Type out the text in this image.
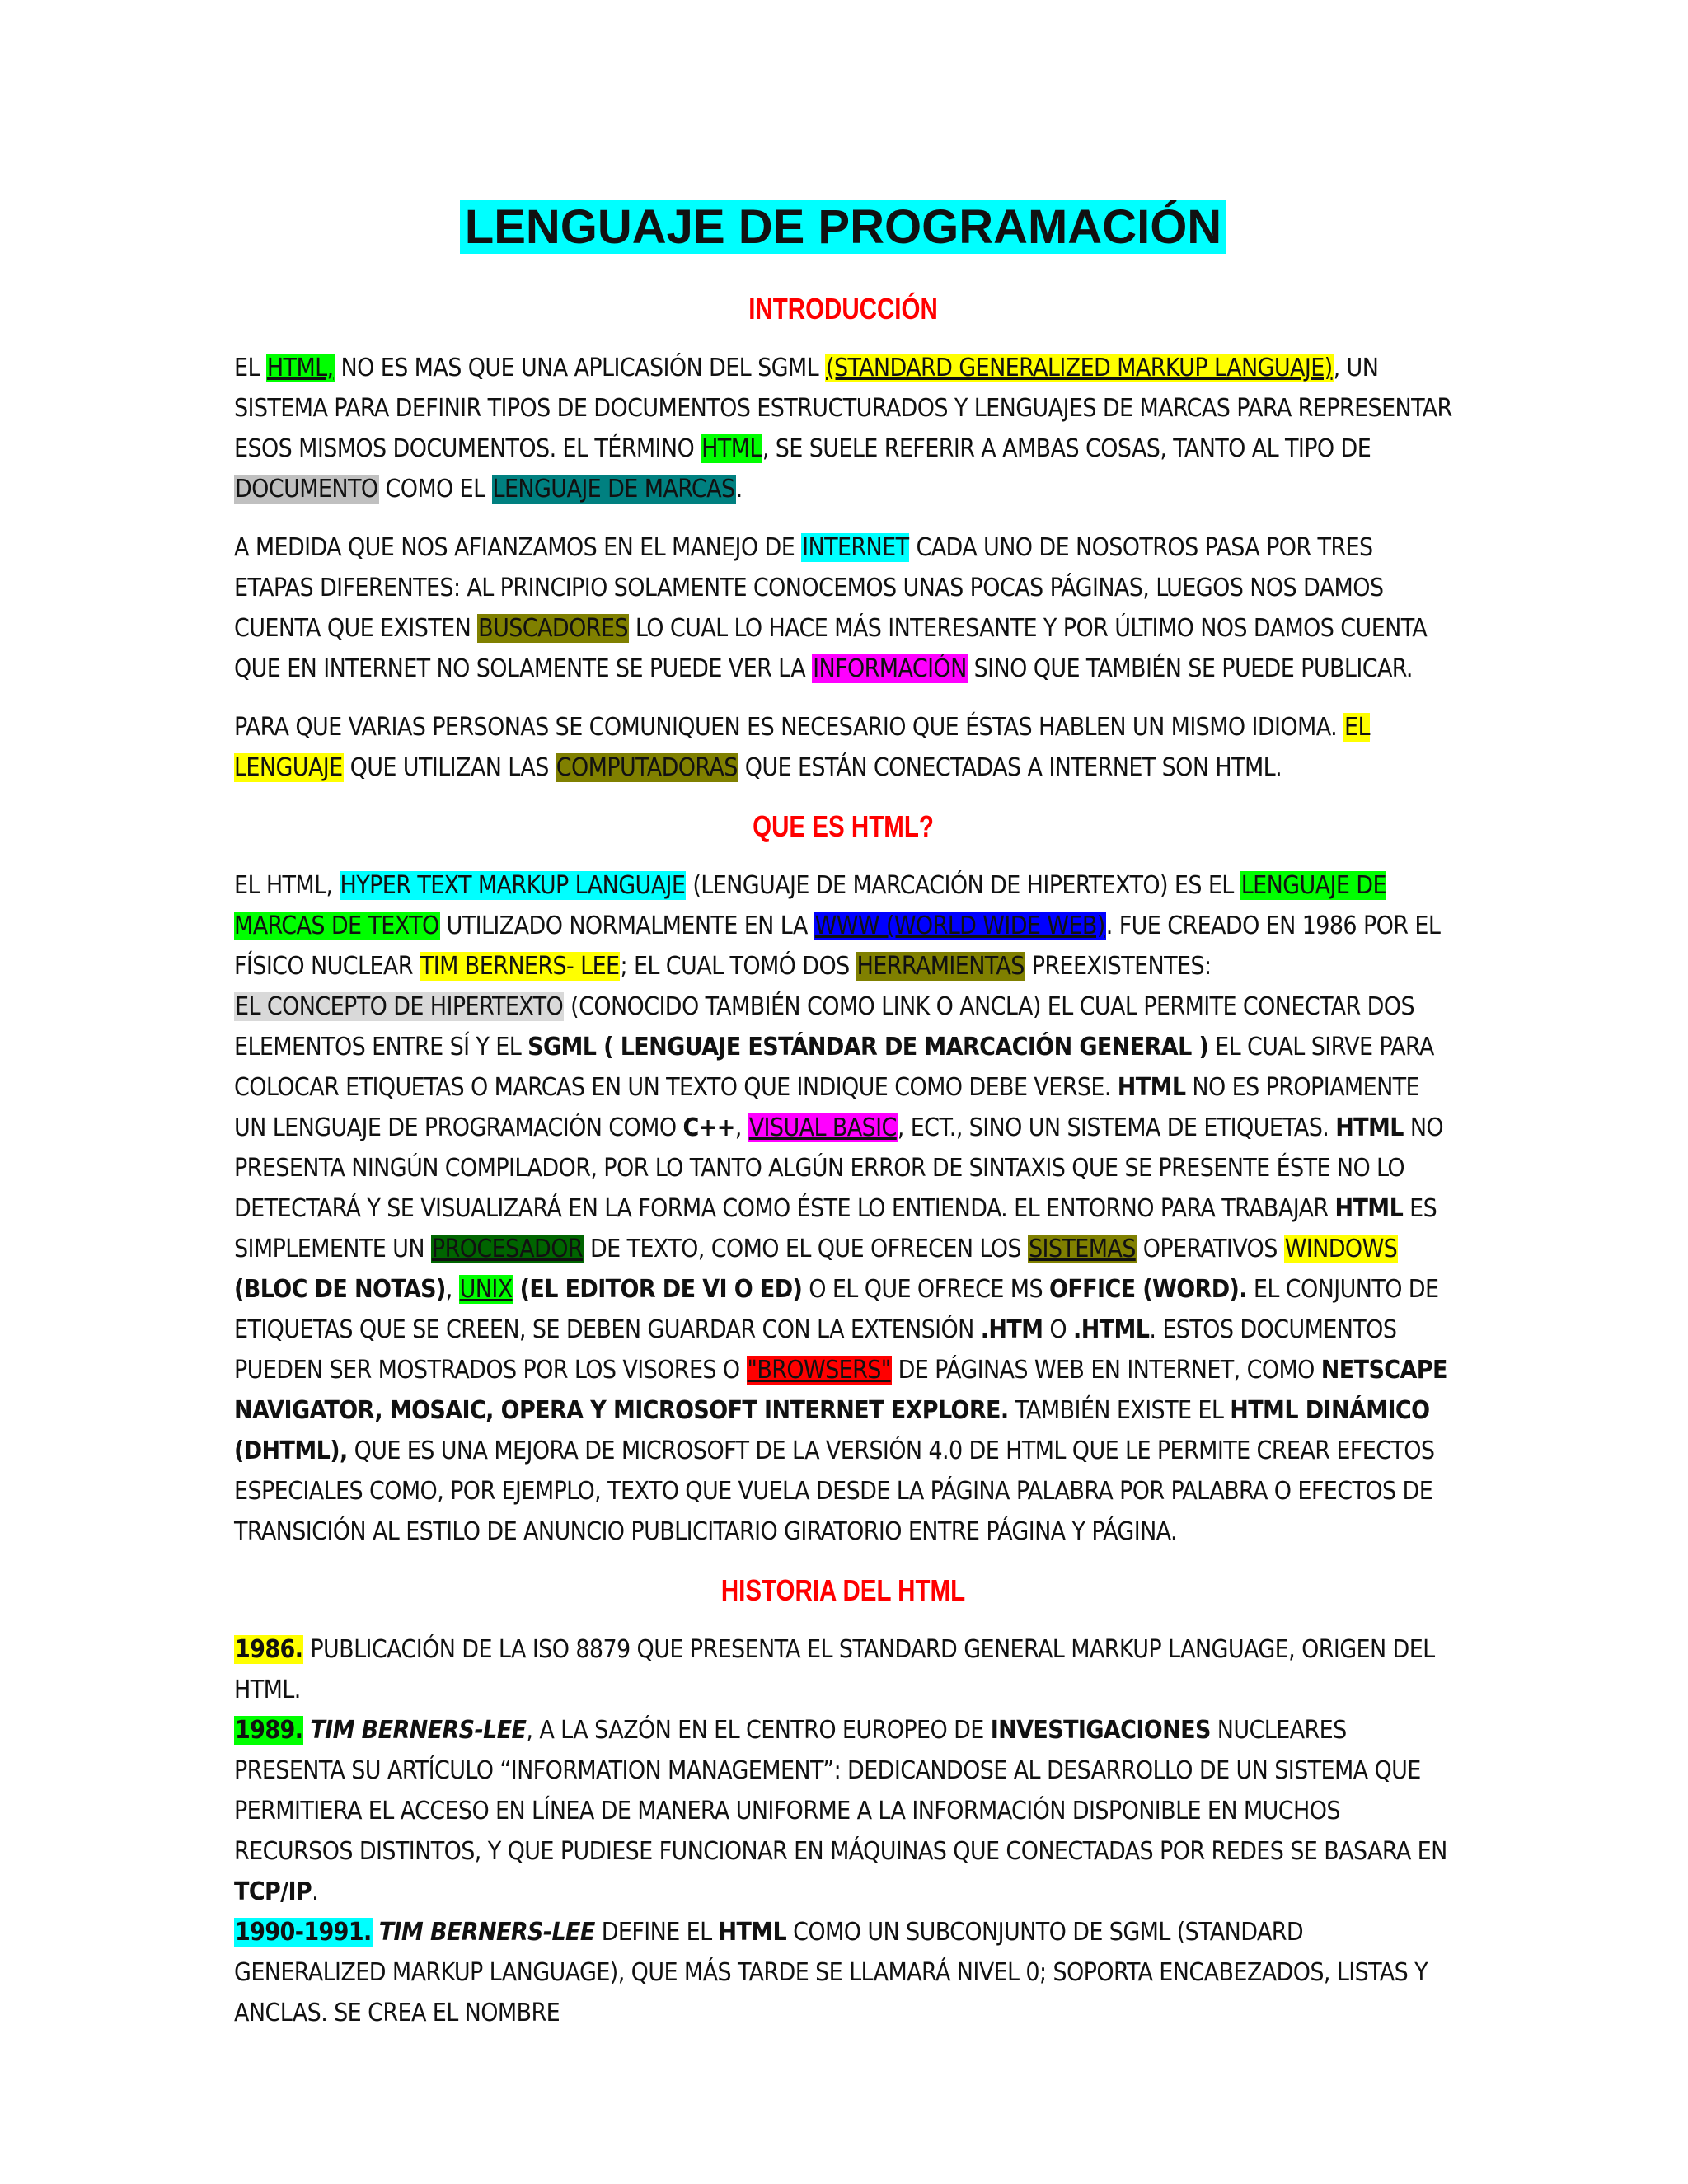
LENGUAJE DE PROGRAMACIÓN
INTRODUCCIÓN

EL HTML, NO ES MAS QUE UNA APLICASIÓN DEL SGML (STANDARD GENERALIZED MARKUP LANGUAJE), UN SISTEMA PARA DEFINIR TIPOS DE DOCUMENTOS ESTRUCTURADOS Y LENGUAJES DE MARCAS PARA REPRESENTAR ESOS MISMOS DOCUMENTOS. EL TÉRMINO HTML, SE SUELE REFERIR A AMBAS COSAS, TANTO AL TIPO DE DOCUMENTO COMO EL LENGUAJE DE MARCAS.

A MEDIDA QUE NOS AFIANZAMOS EN EL MANEJO DE INTERNET CADA UNO DE NOSOTROS PASA POR TRES ETAPAS DIFERENTES: AL PRINCIPIO SOLAMENTE CONOCEMOS UNAS POCAS PÁGINAS, LUEGOS NOS DAMOS CUENTA QUE EXISTEN BUSCADORES LO CUAL LO HACE MÁS INTERESANTE Y POR ÚLTIMO NOS DAMOS CUENTA QUE EN INTERNET NO SOLAMENTE SE PUEDE VER LA INFORMACIÓN SINO QUE TAMBIÉN SE PUEDE PUBLICAR.

PARA QUE VARIAS PERSONAS SE COMUNIQUEN ES NECESARIO QUE ÉSTAS HABLEN UN MISMO IDIOMA. EL LENGUAJE QUE UTILIZAN LAS COMPUTADORAS QUE ESTÁN CONECTADAS A INTERNET SON HTML.

QUE ES HTML?

EL HTML, HYPER TEXT MARKUP LANGUAJE (LENGUAJE DE MARCACIÓN DE HIPERTEXTO) ES EL LENGUAJE DE MARCAS DE TEXTO UTILIZADO NORMALMENTE EN LA WWW (WORLD WIDE WEB). FUE CREADO EN 1986 POR EL FÍSICO NUCLEAR TIM BERNERS- LEE; EL CUAL TOMÓ DOS HERRAMIENTAS PREEXISTENTES:

EL CONCEPTO DE HIPERTEXTO (CONOCIDO TAMBIÉN COMO LINK O ANCLA) EL CUAL PERMITE CONECTAR DOS ELEMENTOS ENTRE SÍ Y EL SGML ( LENGUAJE ESTÁNDAR DE MARCACIÓN GENERAL ) EL CUAL SIRVE PARA COLOCAR ETIQUETAS O MARCAS EN UN TEXTO QUE INDIQUE COMO DEBE VERSE. HTML NO ES PROPIAMENTE UN LENGUAJE DE PROGRAMACIÓN COMO C++, VISUAL BASIC, ECT., SINO UN SISTEMA DE ETIQUETAS. HTML NO PRESENTA NINGÚN COMPILADOR, POR LO TANTO ALGÚN ERROR DE SINTAXIS QUE SE PRESENTE ÉSTE NO LO DETECTARÁ Y SE VISUALIZARÁ EN LA FORMA COMO ÉSTE LO ENTIENDA. EL ENTORNO PARA TRABAJAR HTML ES SIMPLEMENTE UN PROCESADOR DE TEXTO, COMO EL QUE OFRECEN LOS SISTEMAS OPERATIVOS WINDOWS (BLOC DE NOTAS), UNIX (EL EDITOR DE VI O ED) O EL QUE OFRECE MS OFFICE (WORD). EL CONJUNTO DE ETIQUETAS QUE SE CREEN, SE DEBEN GUARDAR CON LA EXTENSIÓN .HTM O .HTML. ESTOS DOCUMENTOS PUEDEN SER MOSTRADOS POR LOS VISORES O "BROWSERS" DE PÁGINAS WEB EN INTERNET, COMO NETSCAPE NAVIGATOR, MOSAIC, OPERA Y MICROSOFT INTERNET EXPLORE. TAMBIÉN EXISTE EL HTML DINÁMICO (DHTML), QUE ES UNA MEJORA DE MICROSOFT DE LA VERSIÓN 4.0 DE HTML QUE LE PERMITE CREAR EFECTOS ESPECIALES COMO, POR EJEMPLO, TEXTO QUE VUELA DESDE LA PÁGINA PALABRA POR PALABRA O EFECTOS DE TRANSICIÓN AL ESTILO DE ANUNCIO PUBLICITARIO GIRATORIO ENTRE PÁGINA Y PÁGINA.

HISTORIA DEL HTML

1986. PUBLICACIÓN DE LA ISO 8879 QUE PRESENTA EL STANDARD GENERAL MARKUP LANGUAGE, ORIGEN DEL HTML.

1989. TIM BERNERS-LEE, A LA SAZÓN EN EL CENTRO EUROPEO DE INVESTIGACIONES NUCLEARES PRESENTA SU ARTÍCULO “INFORMATION MANAGEMENT”: DEDICANDOSE AL DESARROLLO DE UN SISTEMA QUE PERMITIERA EL ACCESO EN LÍNEA DE MANERA UNIFORME A LA INFORMACIÓN DISPONIBLE EN MUCHOS RECURSOS DISTINTOS, Y QUE PUDIESE FUNCIONAR EN MÁQUINAS QUE CONECTADAS POR REDES SE BASARA EN TCP/IP.

1990-1991. TIM BERNERS-LEE DEFINE EL HTML COMO UN SUBCONJUNTO DE SGML (STANDARD GENERALIZED MARKUP LANGUAGE), QUE MÁS TARDE SE LLAMARÁ NIVEL 0; SOPORTA ENCABEZADOS, LISTAS Y ANCLAS. SE CREA EL NOMBRE
